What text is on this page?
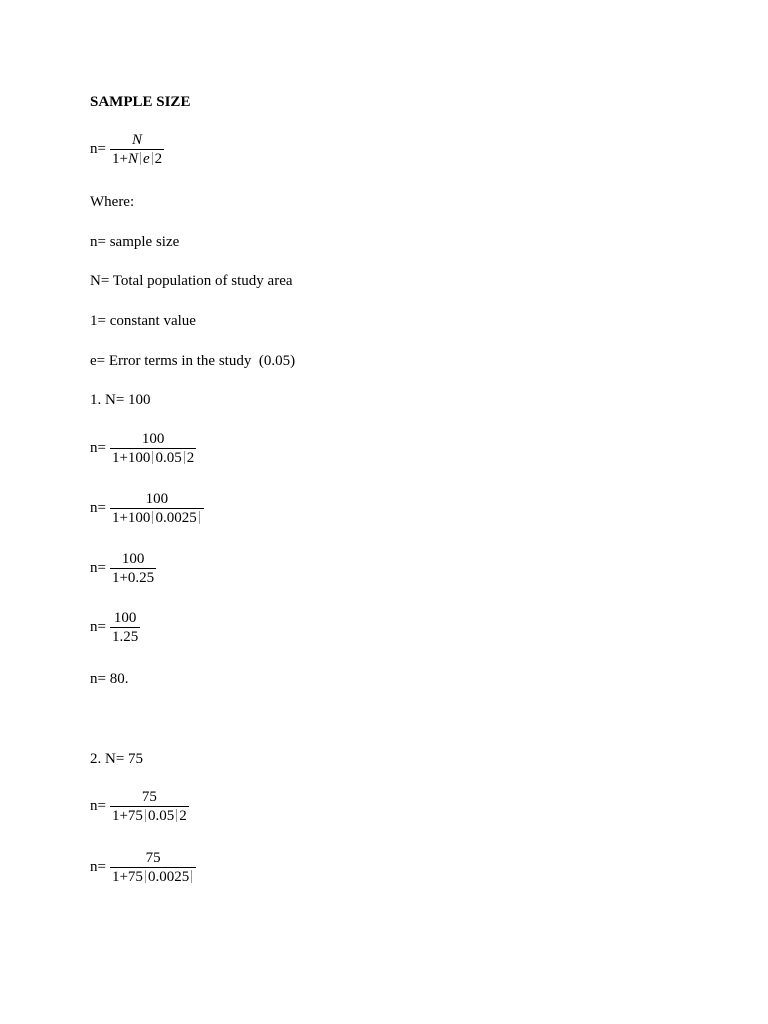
SAMPLE SIZE
$n= \frac{N}{\text{1+N e 2}}$
Where:
n= sample size
N= Total population of study area
1= constant value
e= Error terms in the study  (0.05)
1. N= 100
$n= \frac{100}{1+100 0.05 2}$
$n= \frac{100}{1+100 0.0025}$
$n= \frac{100}{1+0.25}$
$n= \frac{100}{1.25}$
n= 80.
2. N= 75
$n= \frac{75}{1+75 0.05 2}$
$n= \frac{75}{1+75 0.0025}$
